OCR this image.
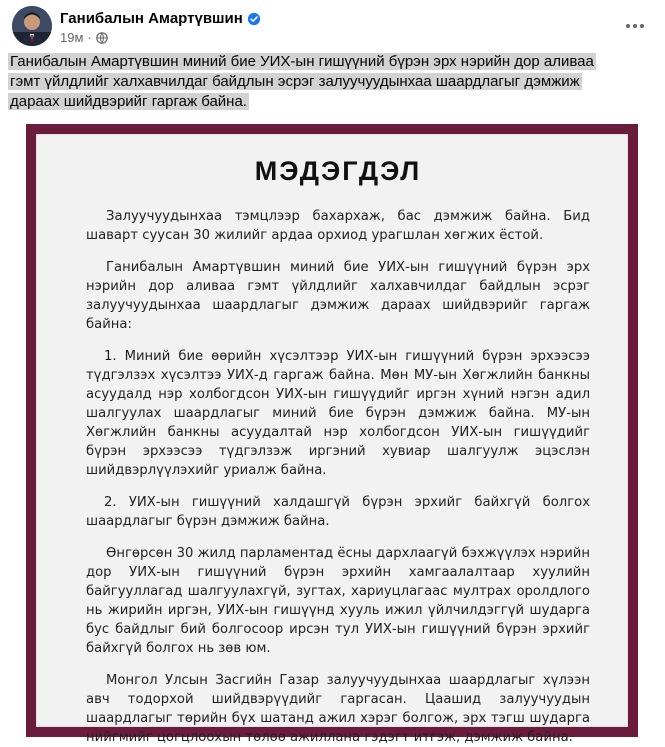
Ганибалын Амартүвшин
19м ·
Ганибалын Амартүвшин миний бие УИХ-ын гишүүний бүрэн эрх нэрийн дор аливаа гэмт үйлдлийг халхавчилдаг байдлын эсрэг залуучуудынхаа шаардлагыг дэмжиж дараах шийдвэрийг гаргаж байна.
МЭДЭГДЭЛ

Залуучуудынхаа тэмцлээр бахархаж, бас дэмжиж байна. Бид шаварт суусан 30 жилийг ардаа орхиод урагшлан хөгжих ёстой.

Ганибалын Амартүвшин миний бие УИХ-ын гишүүний бүрэн эрх нэрийн дор аливаа гэмт үйлдлийг халхавчилдаг байдлын эсрэг залуучуудынхаа шаардлагыг дэмжиж дараах шийдвэрийг гаргаж байна:

1. Миний бие өөрийн хүсэлтээр УИХ-ын гишүүний бүрэн эрхээсээ түдгэлзэх хүсэлтээ УИХ-д гаргаж байна. Мөн МУ-ын Хөгжлийн банкны асуудалд нэр холбогдсон УИХ-ын гишүүдийг иргэн хүний нэгэн адил шалгуулах шаардлагыг миний бие бүрэн дэмжиж байна. МУ-ын Хөгжлийн банкны асуудалтай нэр холбогдсон УИХ-ын гишүүдийг бүрэн эрхээсээ түдгэлзэж иргэний хувиар шалгуулж эцэслэн шийдвэрлүүлэхийг уриалж байна.

2. УИХ-ын гишүүний халдашгүй бүрэн эрхийг байхгүй болгох шаардлагыг бүрэн дэмжиж байна.

Өнгөрсөн 30 жилд парламентад ёсны дархлаагүй бэхжүүлэх нэрийн дор УИХ-ын гишүүний бүрэн эрхийн хамгаалалтаар хуулийн байгууллагад шалгуулахгүй, зугтах, хариуцлагаас мултрах оролдлого нь жирийн иргэн, УИХ-ын гишүүнд хууль ижил үйлчилдэггүй шударга бус байдлыг бий болгосоор ирсэн тул УИХ-ын гишүүний бүрэн эрхийг байхгүй болгох нь зөв юм.

Монгол Улсын Засгийн Газар залуучуудынхаа шаардлагыг хүлээн авч тодорхой шийдвэрүүдийг гаргасан. Цаашид залуучуудын шаардлагыг төрийн бүх шатанд ажил хэрэг болгож, эрх тэгш шударга нийгмийг цогцлоохын төлөө ажиллана гэдэгт итгэж, дэмжиж байна.
